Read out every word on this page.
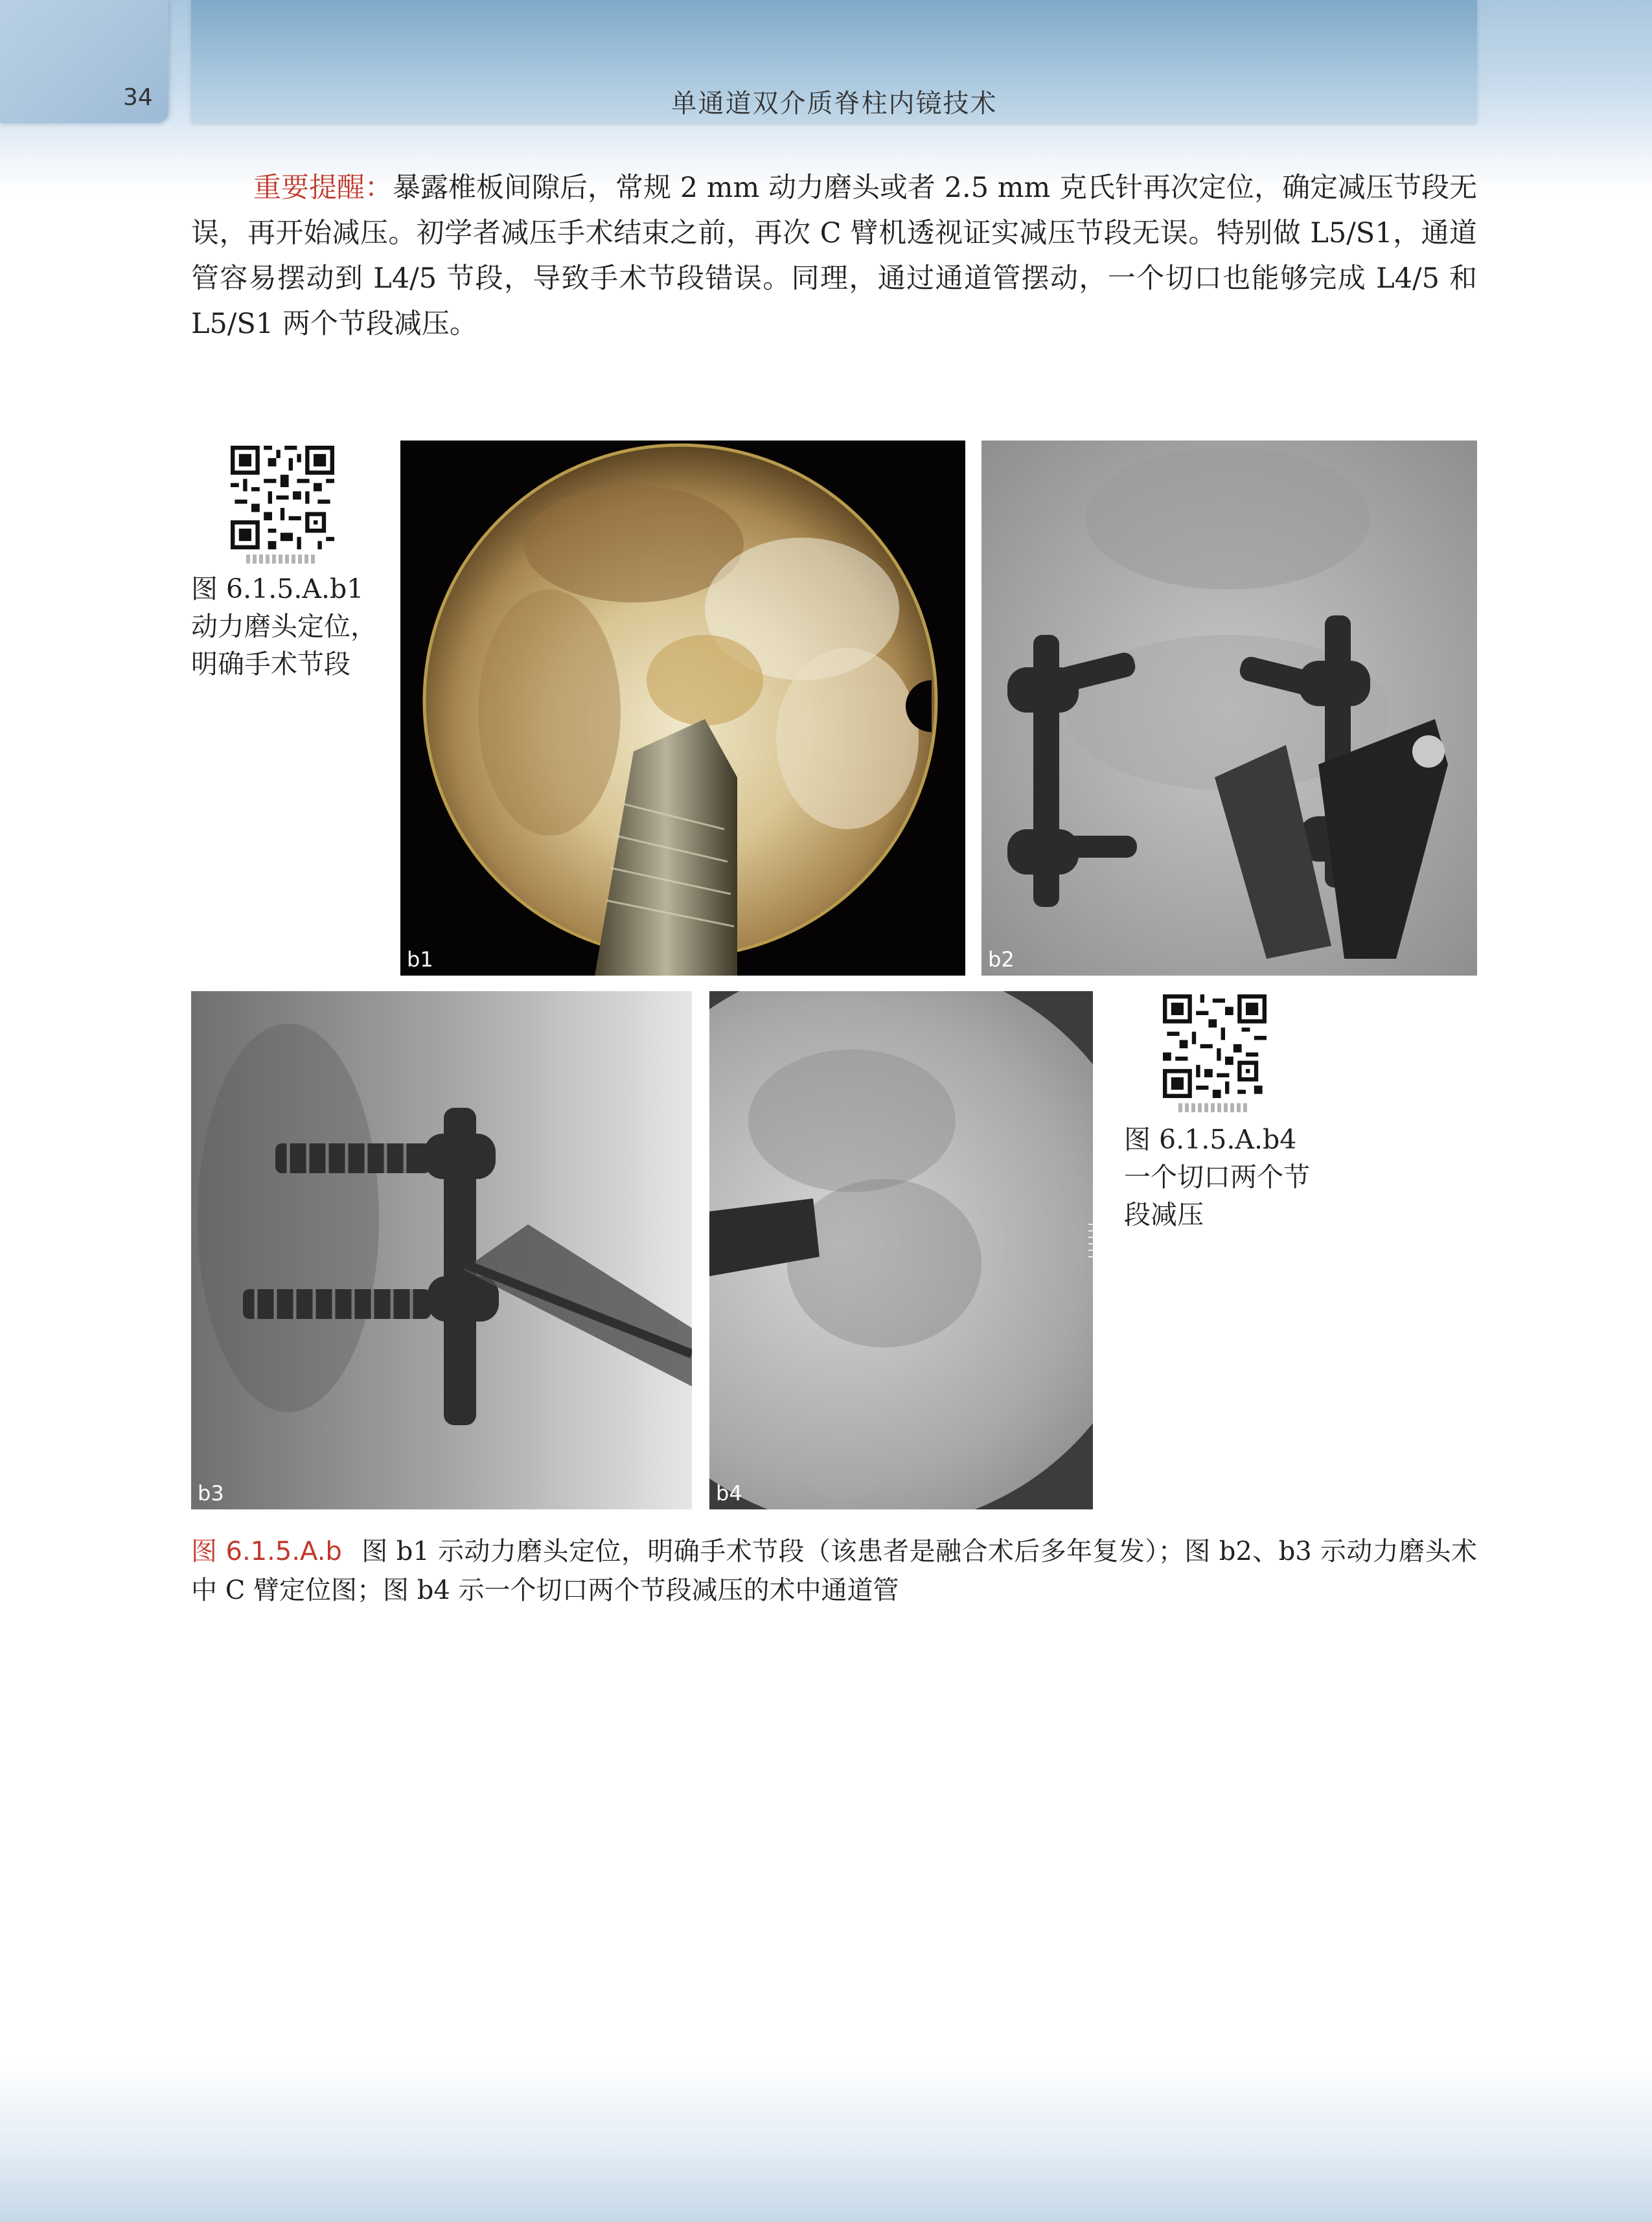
34	单通道双介质脊柱内镜技术

重要提醒：暴露椎板间隙后，常规 2 mm 动力磨头或者 2.5 mm 克氏针再次定位，确定减压节段无误，再开始减压。初学者减压手术结束之前，再次 C 臂机透视证实减压节段无误。特别做 L5/S1，通道管容易摆动到 L4/5 节段，导致手术节段错误。同理，通过通道管摆动，一个切口也能够完成 L4/5 和 L5/S1 两个节段减压。

图 6.1.5.A.b1 动力磨头定位，明确手术节段

b1	b2
b3	b4

图 6.1.5.A.b4 一个切口两个节段减压

图 6.1.5.A.b 图 b1 示动力磨头定位，明确手术节段（该患者是融合术后多年复发）；图 b2、b3 示动力磨头术中 C 臂定位图；图 b4 示一个切口两个节段减压的术中通道管
